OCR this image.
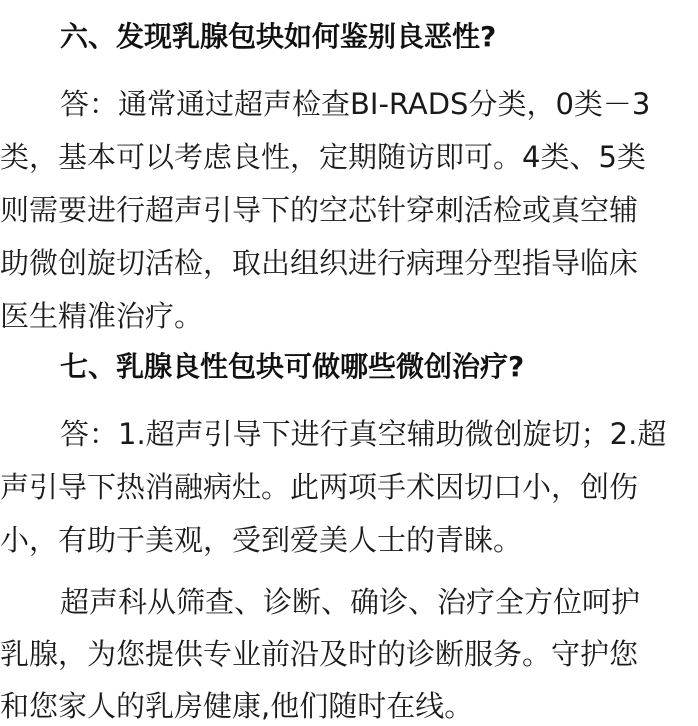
六、发现乳腺包块如何鉴别良恶性?
答：通常通过超声检查BI-RADS分类，0类－3
类，基本可以考虑良性，定期随访即可。4类、5类
则需要进行超声引导下的空芯针穿刺活检或真空辅
助微创旋切活检，取出组织进行病理分型指导临床
医生精准治疗。
七、乳腺良性包块可做哪些微创治疗?
答：1.超声引导下进行真空辅助微创旋切；2.超
声引导下热消融病灶。此两项手术因切口小，创伤
小，有助于美观，受到爱美人士的青睐。
超声科从筛查、诊断、确诊、治疗全方位呵护
乳腺，为您提供专业前沿及时的诊断服务。守护您
和您家人的乳房健康,他们随时在线。
